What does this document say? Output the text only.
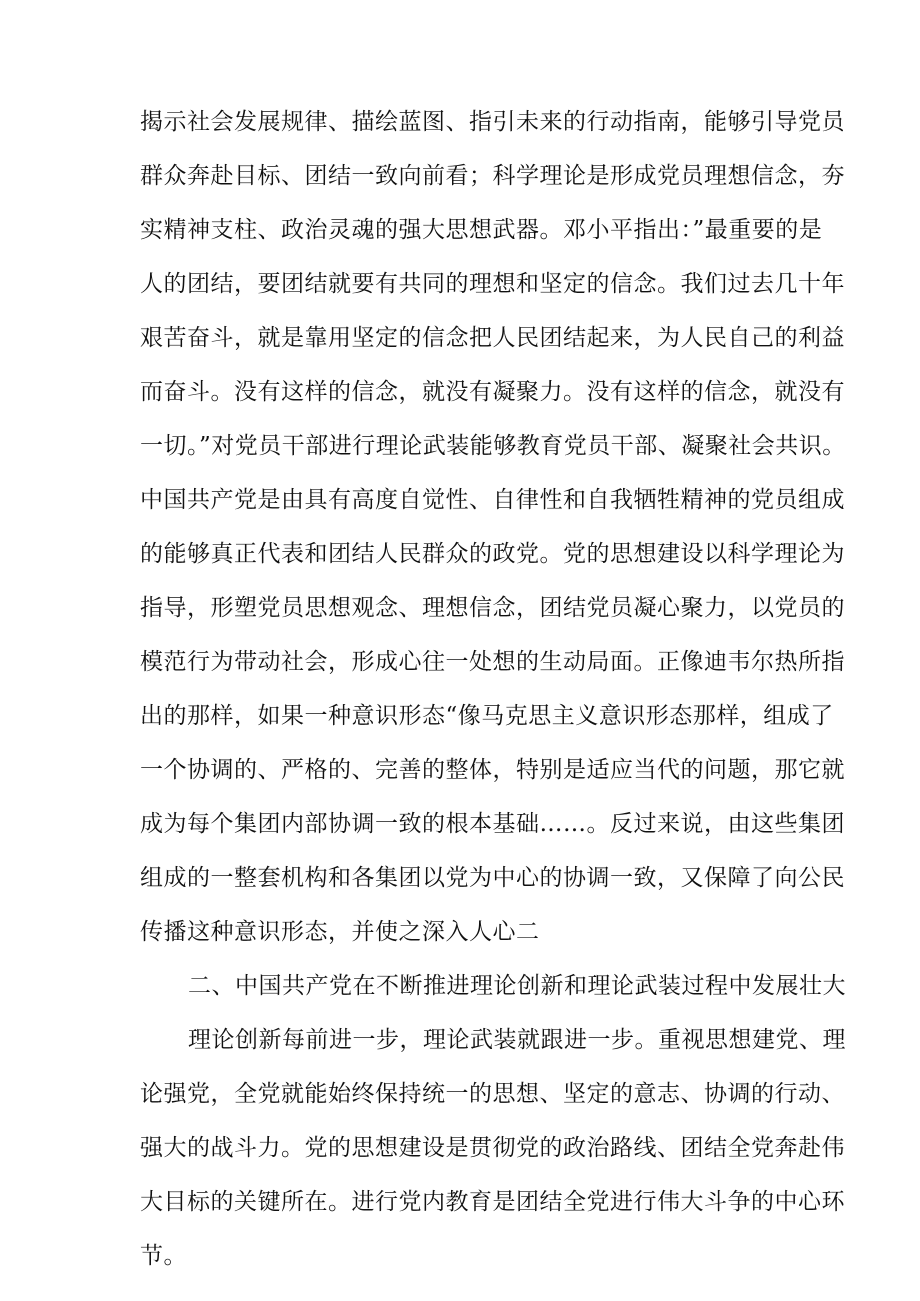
揭示社会发展规律、描绘蓝图、指引未来的行动指南，能够引导党员
群众奔赴目标、团结一致向前看；科学理论是形成党员理想信念，夯
实精神支柱、政治灵魂的强大思想武器。邓小平指出：”最重要的是
人的团结，要团结就要有共同的理想和坚定的信念。我们过去几十年
艰苦奋斗，就是靠用坚定的信念把人民团结起来，为人民自己的利益
而奋斗。没有这样的信念，就没有凝聚力。没有这样的信念，就没有
一切。”对党员干部进行理论武装能够教育党员干部、凝聚社会共识。
中国共产党是由具有高度自觉性、自律性和自我牺牲精神的党员组成
的能够真正代表和团结人民群众的政党。党的思想建设以科学理论为
指导，形塑党员思想观念、理想信念，团结党员凝心聚力，以党员的
模范行为带动社会，形成心往一处想的生动局面。正像迪韦尔热所指
出的那样，如果一种意识形态“像马克思主义意识形态那样，组成了
一个协调的、严格的、完善的整体，特别是适应当代的问题，那它就
成为每个集团内部协调一致的根本基础……。反过来说，由这些集团
组成的一整套机构和各集团以党为中心的协调一致，又保障了向公民
传播这种意识形态，并使之深入人心二
二、中国共产党在不断推进理论创新和理论武装过程中发展壮大
理论创新每前进一步，理论武装就跟进一步。重视思想建党、理
论强党，全党就能始终保持统一的思想、坚定的意志、协调的行动、
强大的战斗力。党的思想建设是贯彻党的政治路线、团结全党奔赴伟
大目标的关键所在。进行党内教育是团结全党进行伟大斗争的中心环
节。
